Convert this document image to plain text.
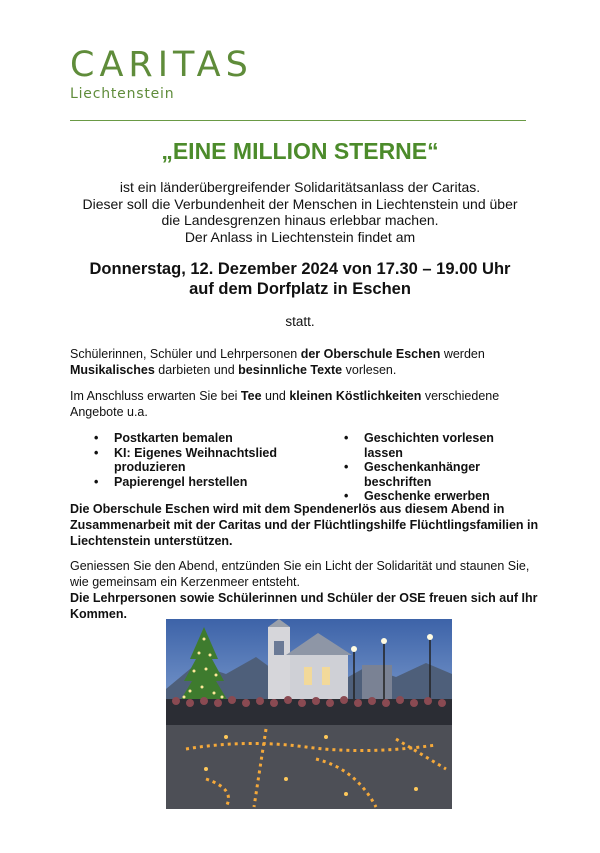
CARITAS
Liechtenstein
„EINE MILLION STERNE“
ist ein länderübergreifender Solidaritätsanlass der Caritas.
Dieser soll die Verbundenheit der Menschen in Liechtenstein und über
die Landesgrenzen hinaus erlebbar machen.
Der Anlass in Liechtenstein findet am
Donnerstag, 12. Dezember 2024 von 17.30 – 19.00 Uhr
auf dem Dorfplatz in Eschen
statt.
Schülerinnen, Schüler und Lehrpersonen der Oberschule Eschen werden Musikalisches darbieten und besinnliche Texte vorlesen.
Im Anschluss erwarten Sie bei Tee und kleinen Köstlichkeiten verschiedene Angebote u.a.
• Postkarten bemalen
• KI: Eigenes Weihnachtslied produzieren
• Papierengel herstellen
• Geschichten vorlesen lassen
• Geschenkanhänger beschriften
• Geschenke erwerben
Die Oberschule Eschen wird mit dem Spendenerlös aus diesem Abend in Zusammenarbeit mit der Caritas und der Flüchtlingshilfe Flüchtlingsfamilien in Liechtenstein unterstützen.
Geniessen Sie den Abend, entzünden Sie ein Licht der Solidarität und staunen Sie, wie gemeinsam ein Kerzenmeer entsteht.
Die Lehrpersonen sowie Schülerinnen und Schüler der OSE freuen sich auf Ihr Kommen.
